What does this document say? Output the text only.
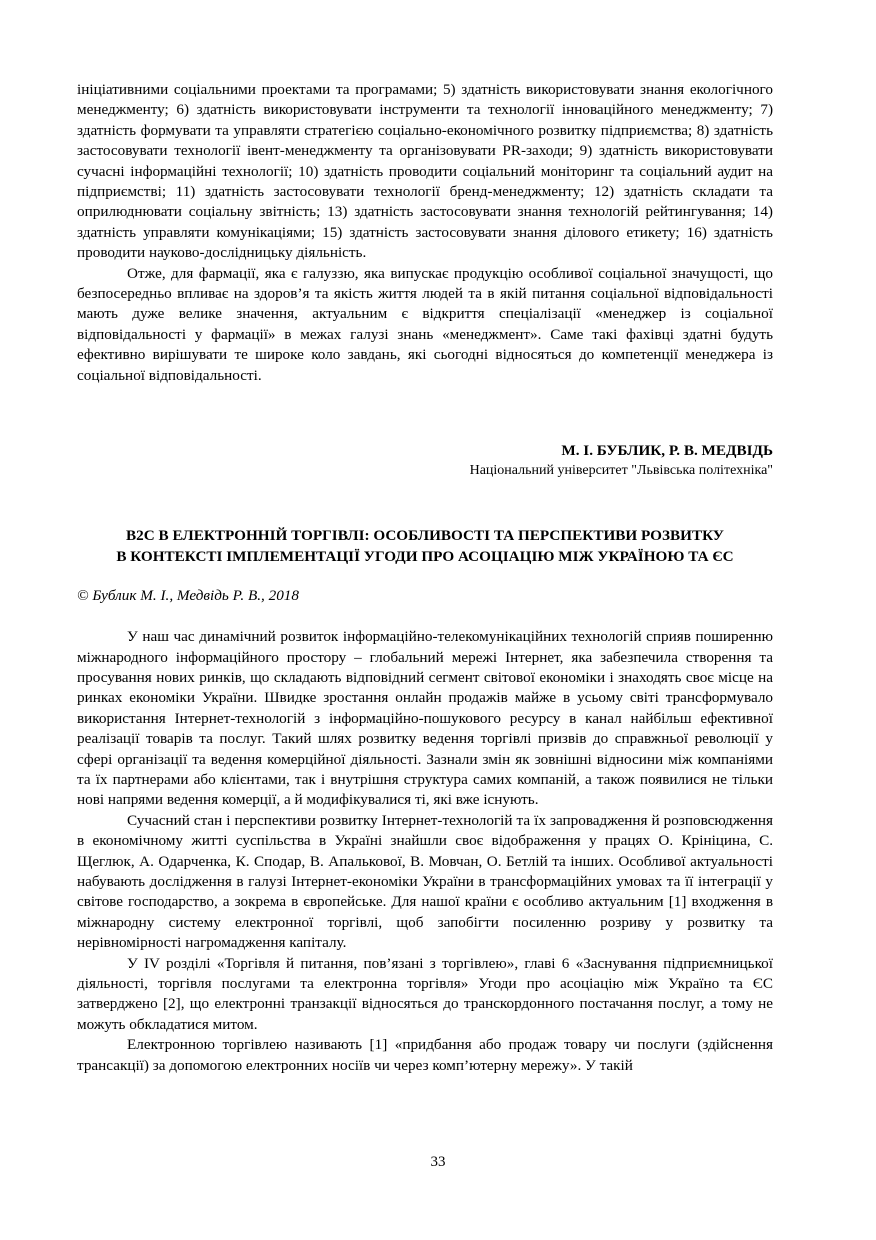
ініціативними соціальними проектами та програмами; 5) здатність використовувати знання екологічного менеджменту; 6) здатність використовувати інструменти та технології інноваційного менеджменту; 7) здатність формувати та управляти стратегією соціально-економічного розвитку підприємства; 8) здатність застосовувати технології івент-менеджменту та організовувати PR-заходи; 9) здатність використовувати сучасні інформаційні технології; 10) здатність проводити соціальний моніторинг та соціальний аудит на підприємстві; 11) здатність застосовувати технології бренд-менеджменту; 12) здатність складати та оприлюднювати соціальну звітність; 13) здатність застосовувати знання технологій рейтингування; 14) здатність управляти комунікаціями; 15) здатність застосовувати знання ділового етикету; 16) здатність проводити науково-дослідницьку діяльність.

Отже, для фармації, яка є галуззю, яка випускає продукцію особливої соціальної значущості, що безпосередньо впливає на здоров’я та якість життя людей та в якій питання соціальної відповідальності мають дуже велике значення, актуальним є відкриття спеціалізації «менеджер із соціальної відповідальності у фармації» в межах галузі знань «менеджмент». Саме такі фахівці здатні будуть ефективно вирішувати те широке коло завдань, які сьогодні відносяться до компетенції менеджера із соціальної відповідальності.

М. І. БУБЛИК, Р. В. МЕДВІДЬ
Національний університет "Львівська політехніка"
B2C В ЕЛЕКТРОННІЙ ТОРГІВЛІ: ОСОБЛИВОСТІ ТА ПЕРСПЕКТИВИ РОЗВИТКУ
В КОНТЕКСТІ ІМПЛЕМЕНТАЦІЇ УГОДИ ПРО АСОЦІАЦІЮ МІЖ УКРАЇНОЮ ТА ЄС
© Бублик М. І., Медвідь Р. В., 2018

У наш час динамічний розвиток інформаційно-телекомунікаційних технологій сприяв поширенню міжнародного інформаційного простору – глобальний мережі Інтернет, яка забезпечила створення та просування нових ринків, що складають відповідний сегмент світової економіки і знаходять своє місце на ринках економіки України. Швидке зростання онлайн продажів майже в усьому світі трансформувало використання Інтернет-технологій з інформаційно-пошукового ресурсу в канал найбільш ефективної реалізації товарів та послуг. Такий шлях розвитку ведення торгівлі призвів до справжньої революції у сфері організації та ведення комерційної діяльності. Зазнали змін як зовнішні відносини між компаніями та їх партнерами або клієнтами, так і внутрішня структура самих компаній, а також появилися не тільки нові напрями ведення комерції, а й модифікувалися ті, які вже існують.

Сучасний стан і перспективи розвитку Інтернет-технологій та їх запровадження й розповсюдження в економічному житті суспільства в Україні знайшли своє відображення у працях О. Крініцина, С. Щеглюк, А. Одарченка, К. Сподар, В. Апалькової, В. Мовчан, О. Бетлій та інших. Особливої актуальності набувають дослідження в галузі Інтернет-економіки України в трансформаційних умовах та її інтеграції у світове господарство, а зокрема в європейське. Для нашої країни є особливо актуальним [1] входження в міжнародну систему електронної торгівлі, щоб запобігти посиленню розриву у розвитку та нерівномірності нагромадження капіталу.

У IV розділі «Торгівля й питання, пов’язані з торгівлею», главі 6 «Заснування підприємницької діяльності, торгівля послугами та електронна торгівля» Угоди про асоціацію між Україно та ЄС затверджено [2], що електронні транзакції відносяться до транскордонного постачання послуг, а тому не можуть обкладатися митом.

Електронною торгівлею називають [1] «придбання або продаж товару чи послуги (здійснення трансакції) за допомогою електронних носіїв чи через комп’ютерну мережу». У такій

33
